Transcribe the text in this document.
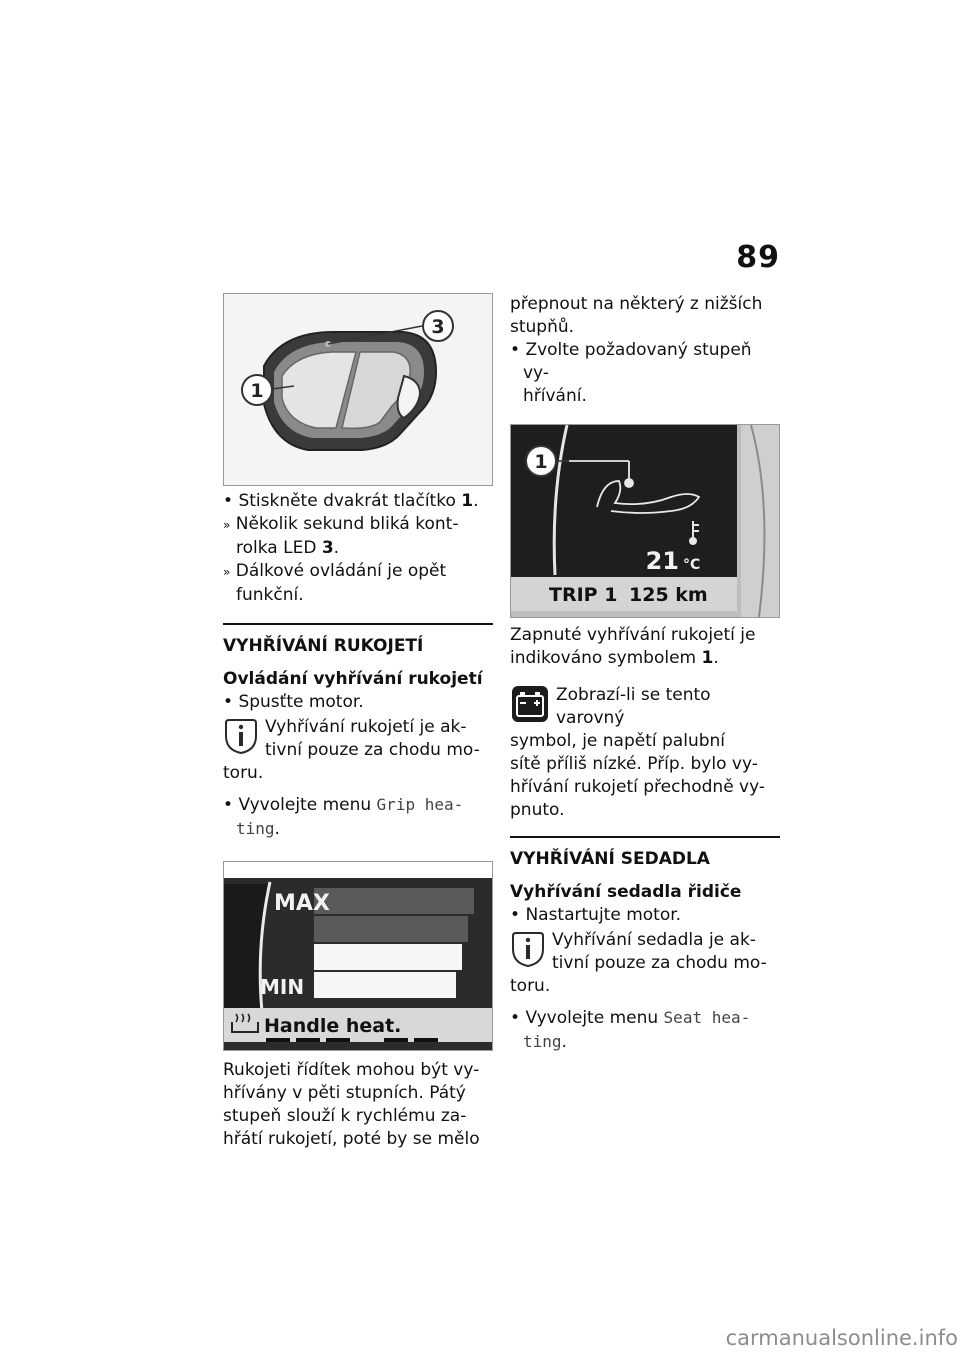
89
3
1

• Stiskněte dvakrát tlačítko 1.

» Několik sekund bliká kont-

rolka LED 3.

» Dálkové ovládání je opět

funkční.

VYHŘÍVÁNÍ RUKOJETÍ

Ovládání vyhřívání rukojetí

• Spusťte motor.

Vyhřívání rukojetí je ak-

tivní pouze za chodu mo-

toru.

• Vyvolejte menu Grip hea-

ting.

MAX
MIN
Handle heat.

Rukojeti řídítek mohou být vy-

hřívány v pěti stupních. Pátý

stupeň slouží k rychlému za-

hřátí rukojetí, poté by se mělo

přepnout na některý z nižších

stupňů.

• Zvolte požadovaný stupeň vy-

hřívání.

1
21 °C
TRIP 1 125 km

Zapnuté vyhřívání rukojetí je

indikováno symbolem 1.

Zobrazí-li se tento varovný

symbol, je napětí palubní

sítě příliš nízké. Příp. bylo vy-

hřívání rukojetí přechodně vy-

pnuto.

VYHŘÍVÁNÍ SEDADLA

Vyhřívání sedadla řidiče

• Nastartujte motor.

Vyhřívání sedadla je ak-

tivní pouze za chodu mo-

toru.

• Vyvolejte menu Seat hea-

ting.

carmanualsonline.info
